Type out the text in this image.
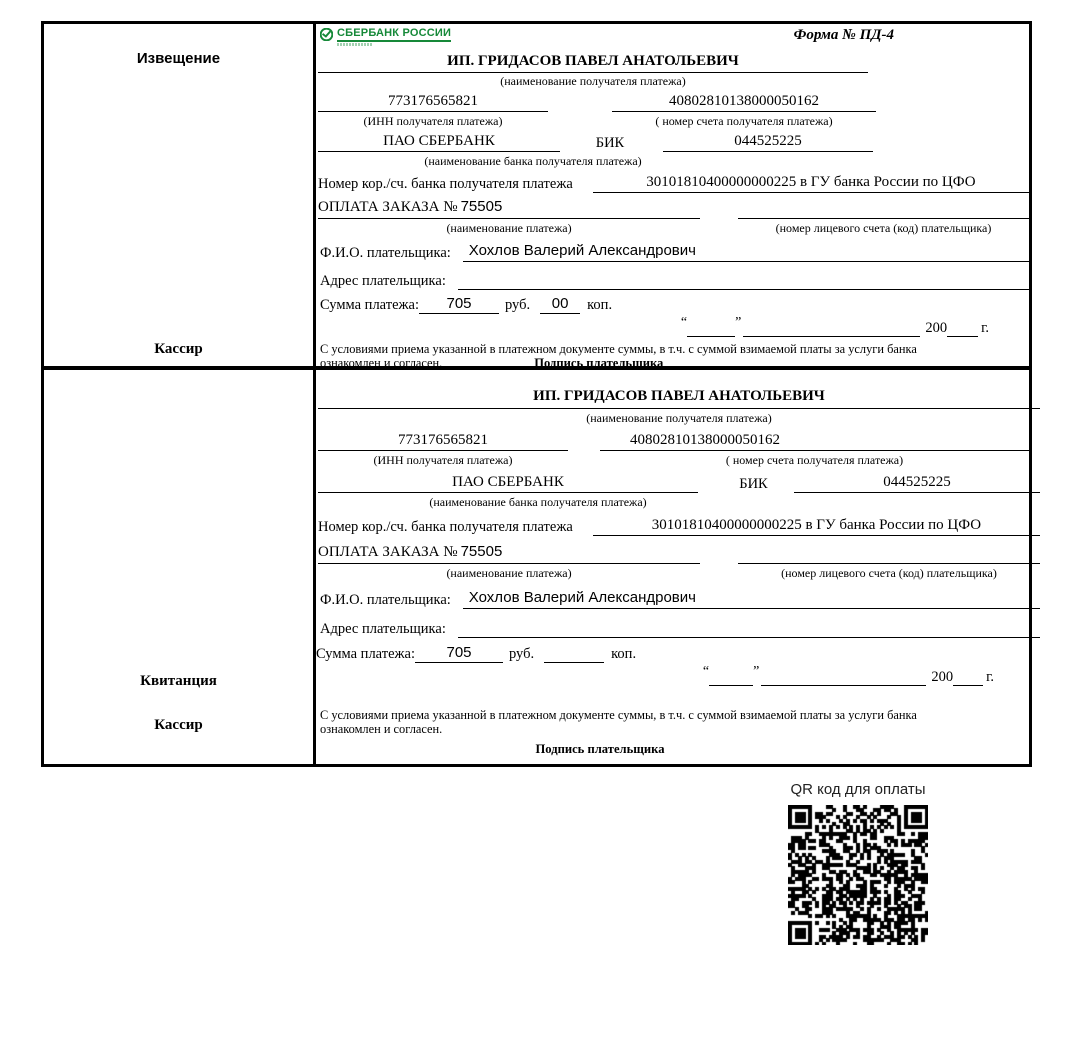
Извещение
Кассир
СБЕРБАНК РОССИИ	Форма № ПД-4
ИП. ГРИДАСОВ ПАВЕЛ АНАТОЛЬЕВИЧ
(наименование получателя платежа)
773176565821	40802810138000050162
(ИНН получателя платежа)	( номер счета получателя платежа)
ПАО СБЕРБАНК	БИК	044525225
(наименование банка получателя платежа)
Номер кор./сч. банка получателя платежа	30101810400000000225 в ГУ банка России по ЦФО
ОПЛАТА ЗАКАЗА № 75505
(наименование платежа)	(номер лицевого счета (код) плательщика)
Ф.И.О. плательщика:	Хохлов Валерий Александрович
Адрес плательщика:
Сумма платежа:	705	руб.	00	коп.
“	”	200 г.
С условиями приема указанной в платежном документе суммы, в т.ч. с суммой взимаемой платы за услуги банка
ознакомлен и согласен.	Подпись плательщика
Квитанция
Кассир
ИП. ГРИДАСОВ ПАВЕЛ АНАТОЛЬЕВИЧ
(наименование получателя платежа)
773176565821	40802810138000050162
(ИНН получателя платежа)	( номер счета получателя платежа)
ПАО СБЕРБАНК	БИК	044525225
(наименование банка получателя платежа)
Номер кор./сч. банка получателя платежа	30101810400000000225 в ГУ банка России по ЦФО
ОПЛАТА ЗАКАЗА № 75505
(наименование платежа)	(номер лицевого счета (код) плательщика)
Ф.И.О. плательщика:	Хохлов Валерий Александрович
Адрес плательщика:
Сумма платежа:	705	руб.	коп.
“	”	200 г.
С условиями приема указанной в платежном документе суммы, в т.ч. с суммой взимаемой платы за услуги банка
ознакомлен и согласен.
Подпись плательщика
QR код для оплаты
